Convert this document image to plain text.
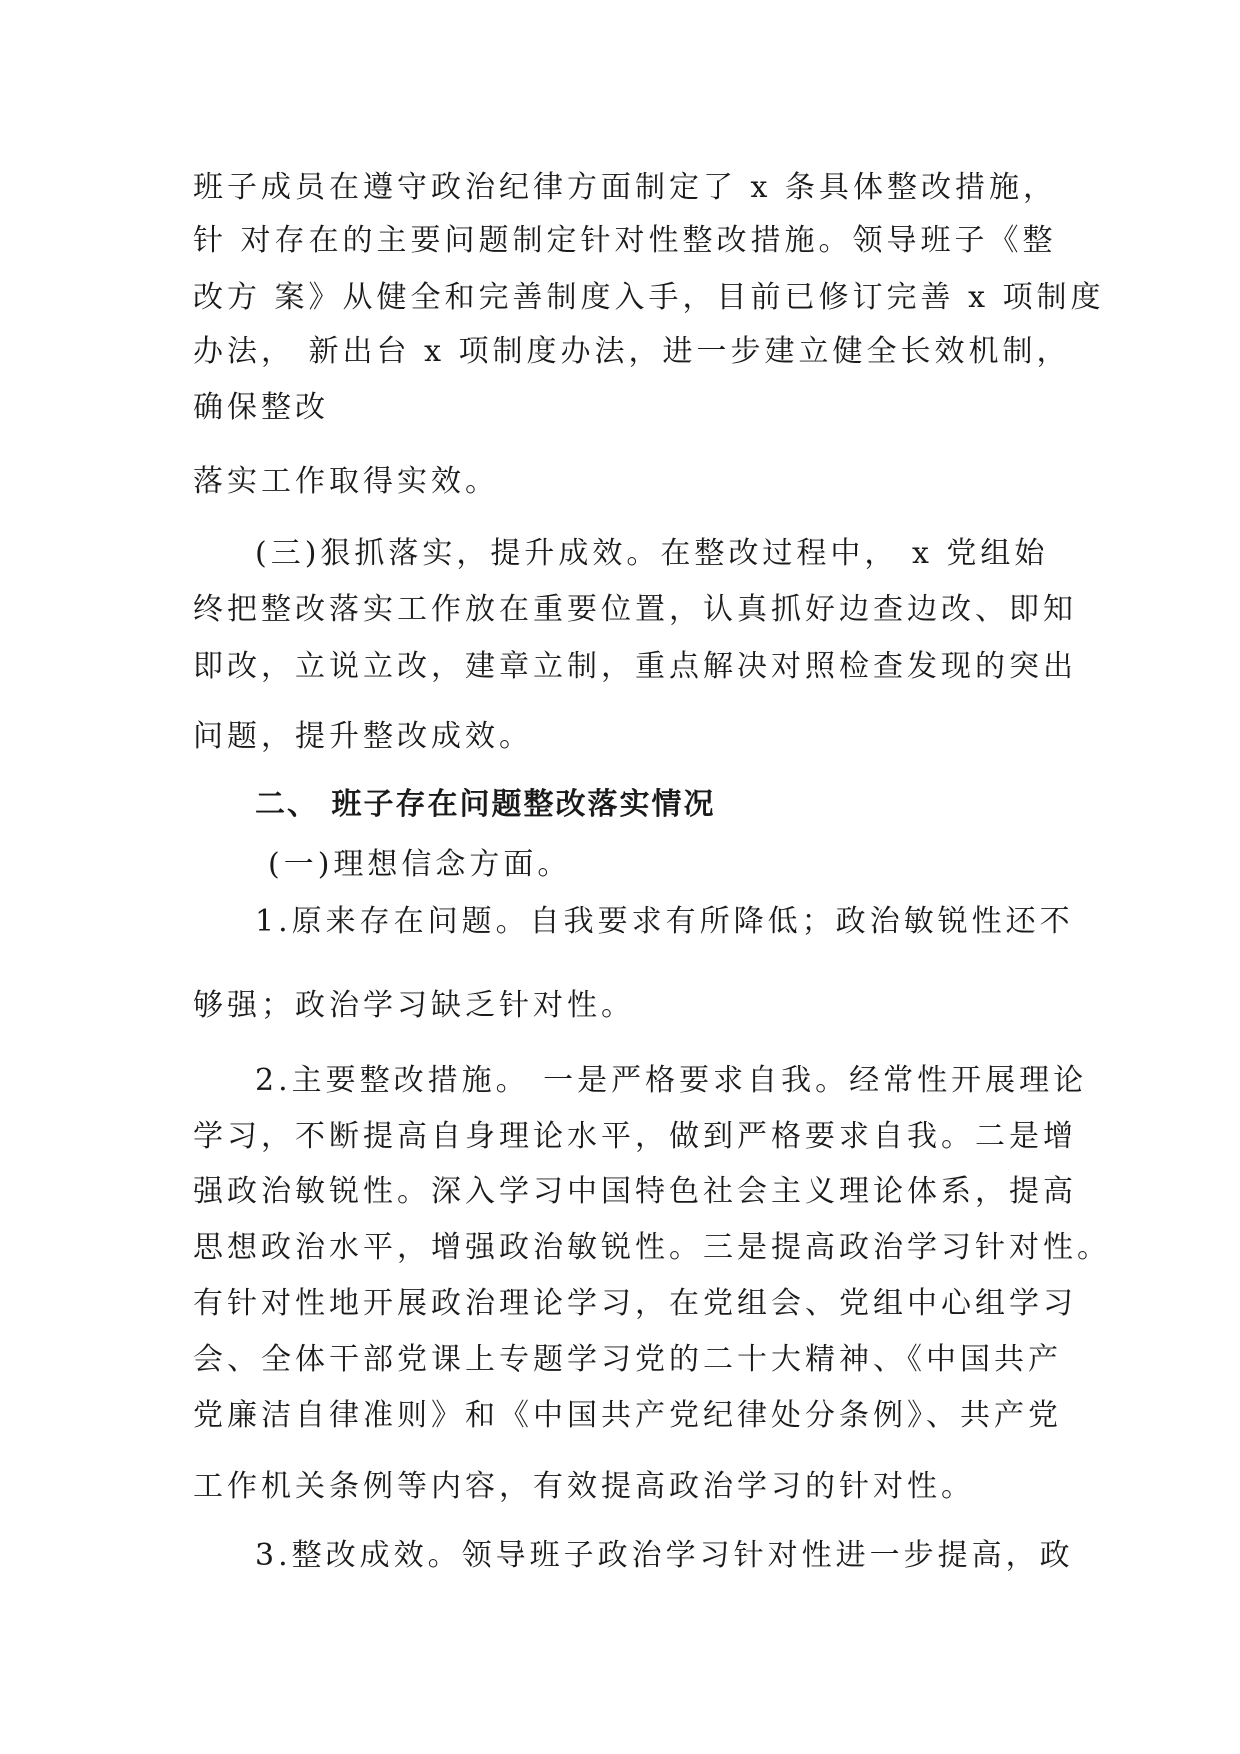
班子成员在遵守政治纪律方面制定了 x 条具体整改措施，
针 对存在的主要问题制定针对性整改措施。领导班子《整
改方 案》从健全和完善制度入手，目前已修订完善 x 项制度
办法， 新出台 x 项制度办法，进一步建立健全长效机制，
确保整改
落实工作取得实效。
(三)狠抓落实，提升成效。在整改过程中， x 党组始
终把整改落实工作放在重要位置，认真抓好边查边改、即知
即改，立说立改，建章立制，重点解决对照检查发现的突出
问题，提升整改成效。
二、 班子存在问题整改落实情况
(一)理想信念方面。
1.原来存在问题。自我要求有所降低；政治敏锐性还不
够强；政治学习缺乏针对性。
2.主要整改措施。 一是严格要求自我。经常性开展理论
学习，不断提高自身理论水平，做到严格要求自我。二是增
强政治敏锐性。深入学习中国特色社会主义理论体系，提高
思想政治水平，增强政治敏锐性。三是提高政治学习针对性。
有针对性地开展政治理论学习，在党组会、党组中心组学习
会、全体干部党课上专题学习党的二十大精神、《中国共产
党廉洁自律准则》和《中国共产党纪律处分条例》、共产党
工作机关条例等内容，有效提高政治学习的针对性。
3.整改成效。领导班子政治学习针对性进一步提高，政
